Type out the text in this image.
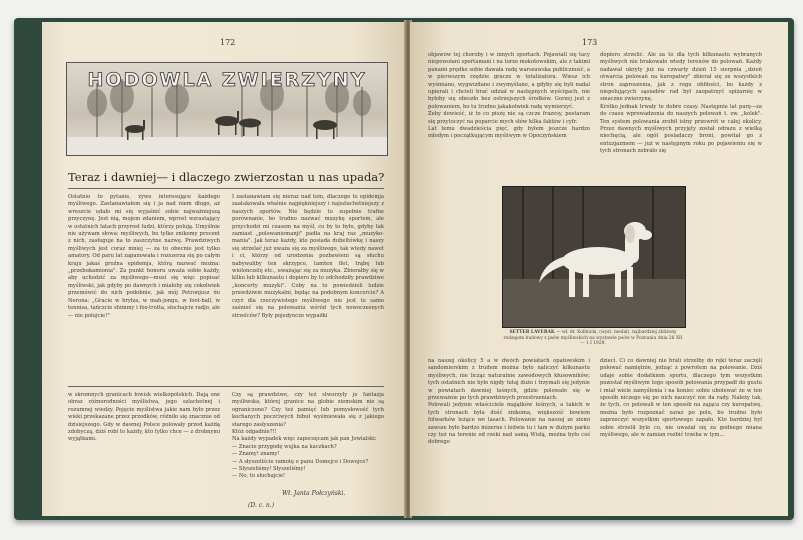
172
HODOWLA ZWIERZYNY
Teraz i dawniej— i dlaczego zwierzostan u nas upada?

Ostatnio to pytanie, żywo interesujące każdego myśliwego. Zastanawiałem się i ja nad niem długo, aż wreszcie udało mi się wyjaśnić sobie najważniejszą przyczynę. Jest nią, mojem zdaniem, wprost wzrastający w ostatnich latach przyrost ludzi, którzy polują. Umyślnie nie używam słowa: myśliwych, bo tylko znikomy procent z nich, zasługuje na to zaszczytne nazwę. Prawdziwych myśliwych jest coraz mniej — za to obecnie jest tylko amatory. Od paru lat zapanowała i rozszerza się po całym kraju jakaś groźna epidemja, którą nazwać można: „przebukamionia". Za punkt honoru uważa sobie każdy, aby uchodzić za myśliwego—musi się więc popisać myśliwski, jak gdyby po dawnych i miałoby się cokolwiek przemówić do nich podobnie, jak mój Petronjusz do Nerona: „Gracie w bryłza, w mah-jongu, w foot-ball, w tennisa, tańczcie shimmy i fox-trotta, słuchajcie radjo, ale — nie polujcie!"

I zastanawiam się nieraz nad tem, dlaczego to epidemja zaatakowała właśnie najpiękniejszy i najszlachetniejszy z naszych sportów. Nie będzie to zupełnie trafne porównanie, bo trudno nazwać muzykę sportem, ale przychodzi mi czasem na myśl, co by to było, gdyby tak zamiast „polowaniomanji" padła na kraj raz „muzyko-mania". Jak teraz każdy, kto posiada dubeltówkę i naszy się strzelać już uważa się za myśliwego, tak wtedy nawet i ci, którzy od urodzenia pozbawieni są słuchu nabywaliby ten skrzypce, tamten flet, trąbę lub wiolonczelę etc., uważając się za muzyka. Zbierałby się w kilku lub kilkunastu i dopiero by to odchodziły prawdziwe „koncerty muzyki". Coby na to powiedzieli ludzie prawdziwie muzykalni, będąc na podobnym koncercie? A czyż dla rzeczywistego myśliwego nie jest to samo zaśnieć się na polowaniu wśród tych nowoczesnych strzelców? Były pojedyncze wypadki

w skromnych granicach łowisk wielkopolskich. Dają one obraz różnorodności myślistwa, jego szlachetnej i rozumnej wiedzy. Pojęcie myślistwa jakie nam było przez wieki przekazane przez przodków, różniło się znacznie od dzisiejszego. Gdy w dawnej Polsce polowały przed każdą zdobyczą, dziś robi to każdy, kto tylko chce — z drobnymi wyjątkami.

Czy są prawdziwe, czy też stworzyły je fantazja myśliwska, której granice na globie ziemskim nie są ograniczone? Czy też pamięć lub pomysłowość tych kochanych poczciwych bibuł wyśmiewała się z jakiego starego zasłyszenia?
Któż odgadnie?!!
Na każdy wypadek więc zapoczęcam jak pan Jowialski:
— Znacie przygodę wujka na kaczkach?
— Znamy! znamy!
— A słyszeliście ramotę o panu Domejce i Dowejce?
— Słyszeliśmy! Słyszeliśmy!
— No, to słuchajcie!

Wł. Janta Połczyński.
(D. c. n.)
173

objawów tej choroby i w innych sportach. Pojawiali się tacy niepowołani sportamani i na torze mokotowskim, ale z takimi panami prędko sobie dawała radę warszawska publiczność, a w pierwszym rzędzie gracze w totalizatora. Wiesz ich wyśmiano, wygwizdano i zwymyślano, a gdyby się byli nadal upierali i chcieli brać udział w następnych wyścigach, nie byłoby się obeszło bez ostrzejszych środków. Gorzej jest z polowaniem, bo tu trudno jakakolwiek radę wymierzyć.
Żeby dowieść, iż to co piszę nie są czcze frazesy, postaram się przytoczyć na poparcie mych słów kilka faktów i cyfr.
Lat temu dwadzieścia pięć, gdy byłem jeszcze bardzo młodym i początkującym myśliwym w Opoczyńskiem

dopiero strzelić. Ale za to dla tych kilkunastu wybranych myśliwych nie brakowało wtedy terenów do polowań. Każdy nadawał ukryty już na czwarty dzień 15 sierpnia „dzień otwarcia polowań na kuropatwy" zbierał się ze wszystkich stron zaproszenia, jak z rogu obfitości, bo każdy z niepolujących sąsiadów rad był zaopatrzyć spiżarnię w smaczne zwierzynę.
Krótko jednak trwały te dobre czasy. Następnie lat parę—za do czasu wprowadzenia do naszych polowań t. zw. „kolek". Ten system polowania zrobił istny przewrót w całej okolicy. Przez dawnych myśliwych przyjęty został odrazu z wielką niechęcią, ale ogół posiadaczy broni, powitał go z entuzjazmem — już w następnym roku po pojawieniu się w tych stronach zebrało się

SETTER LAVERAK — wł. dr. Kollnicki, (wyst. medal). najbardziej zbliżony rodzajem budowy z psów myśliwskich na wystawie psów w Poznaniu dnia 26 XII — 1 I 1929.

na naszej okolicy 5 a w dwóch powiatach opatowskim i sandomierskim z trudem można było naliczyć kilkunastu myśliwych, nie licząc naturalnie zawodowych kłusowników; tych ostatnich nie było nigdy tutaj dużo i trzymali się jedynie w powiatach dawniej leśnych, gdzie polowało się w przeważnie po tych prawdziwych przestrzeniach.
Polowali jedynie właściciele majątków leśnych, a takich w tych stronach była dość znikoma, większość bowiem folwarków leżące we lasach. Polowanie na naszej ze ziemi zawsze było bardzo mizerne i ledwie tu i tam w dużym parku czy też na terenie od rzeki nad samą Wisłą, można było coś dobrego

dzieci. Ci co dawniej nie brali strzelby do ręki teraz zaczęli polować namiętnie, jedząc z powrotem na polowanie. Dziś udaje sobie dodatkiem sportu, dlaczego tym wszystkim pozostał myśliwym tego sposób polowania przypadł do gustu i miał wiele zamyślenia i na koniec sobie ubolewać że w ten sposób niczego się po nich nauczyć nie da rady. Należy tak, że tych, co polowali w ten sposób na zająca czy kuropatwę, można było rozpoznać zaraz po polu, bo trudno było zaprzeczyć wszystkim sportowego zapału. Kto bardziej był sobie strzelił byle co, nie uważał się za godnego miana myśliwego, ale w zamian rozbić trzeba w tym...
